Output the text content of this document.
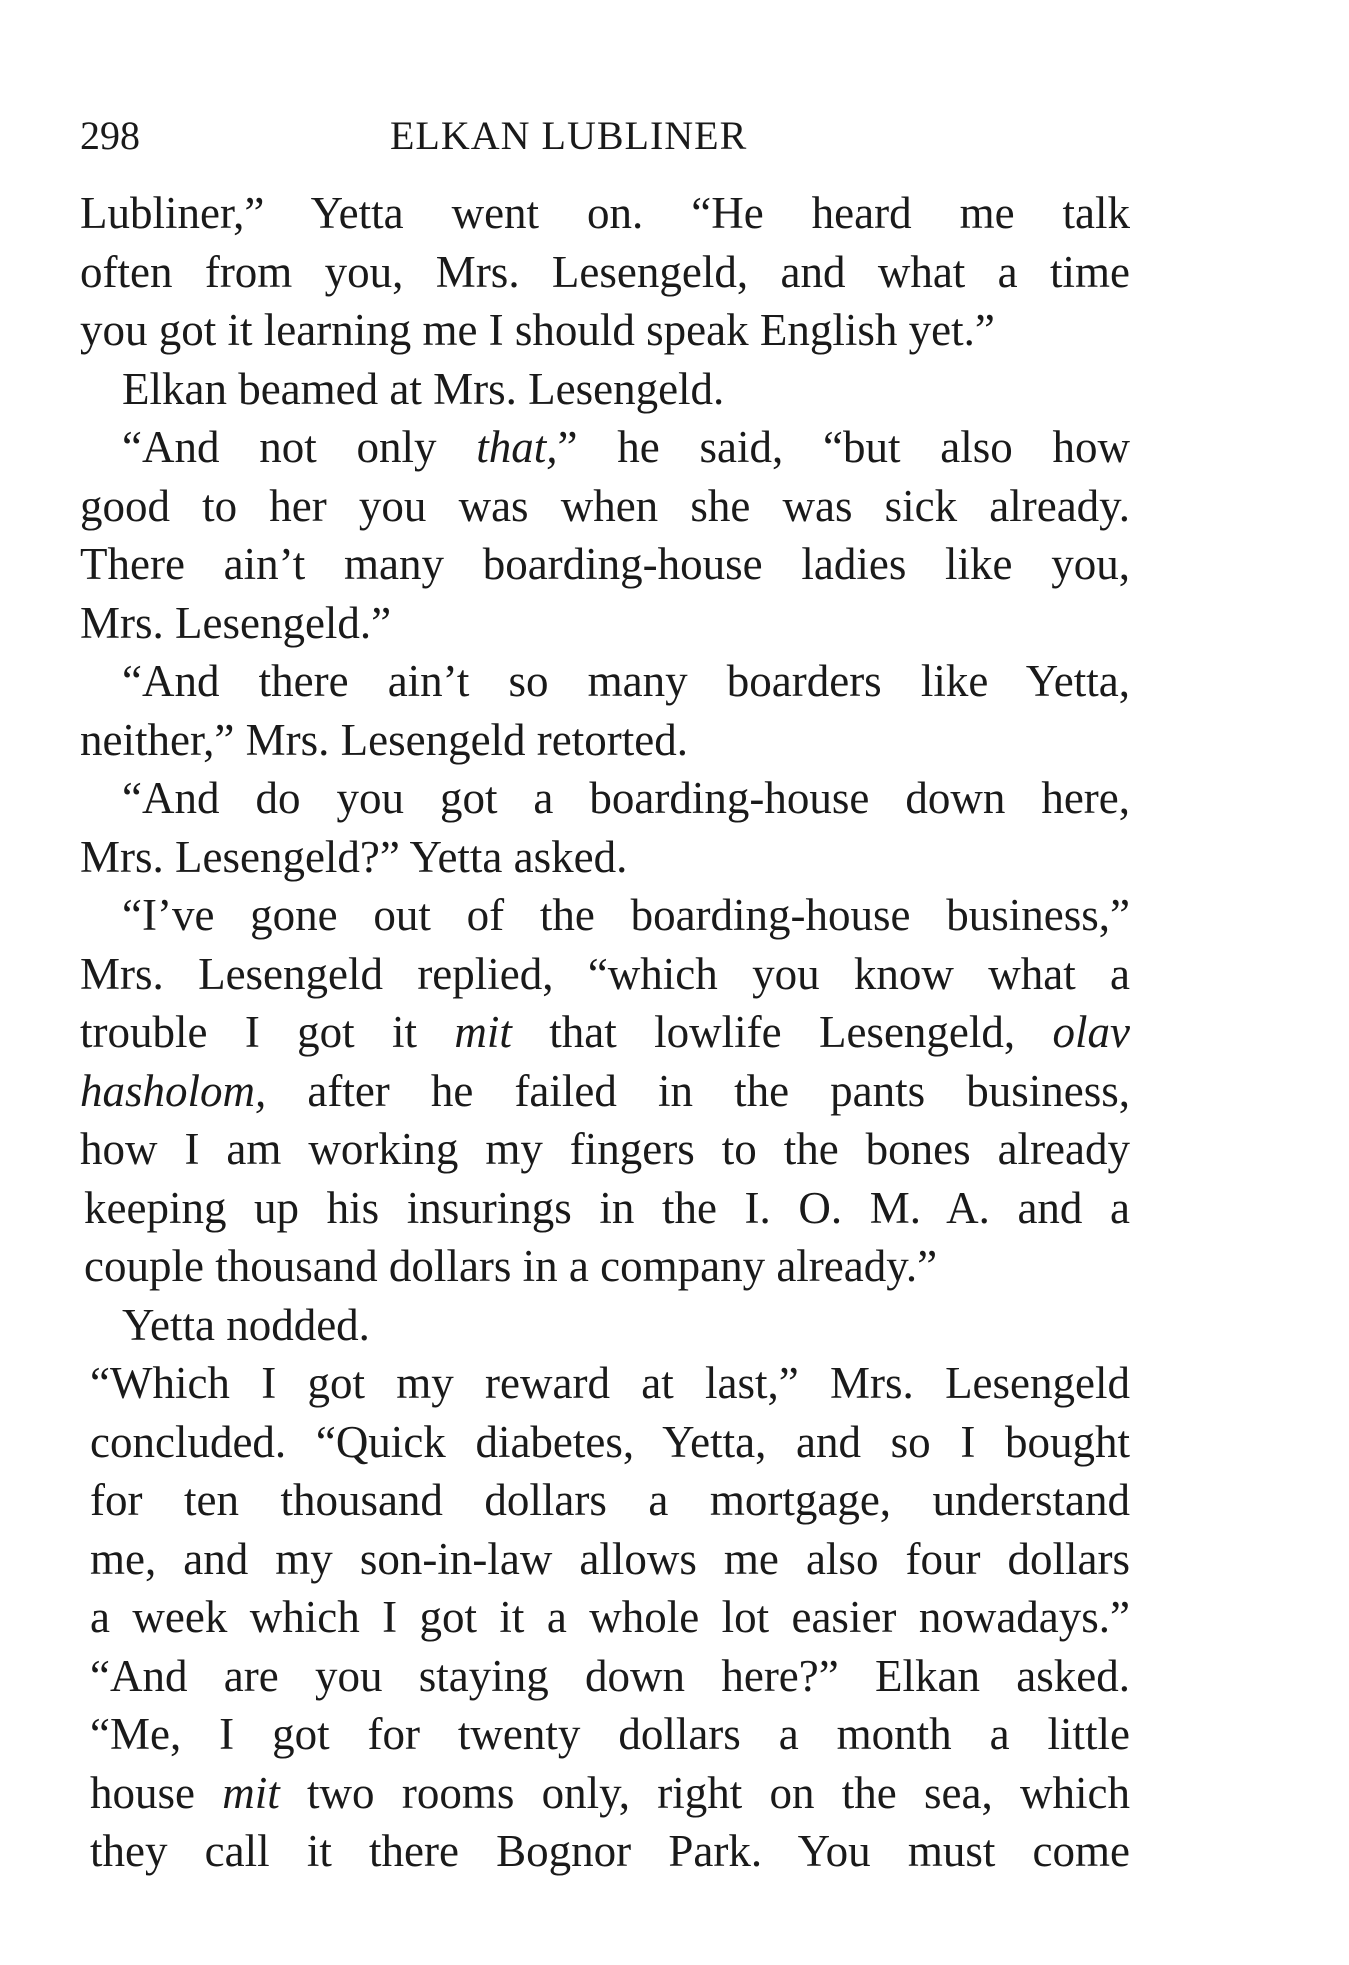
298	ELKAN LUBLINER
Lubliner,” Yetta went on. “He heard me talk
often from you, Mrs. Lesengeld, and what a time
you got it learning me I should speak English yet.”
Elkan beamed at Mrs. Lesengeld.
“And not only that,” he said, “but also how
good to her you was when she was sick already.
There ain’t many boarding-house ladies like you,
Mrs. Lesengeld.”
“And there ain’t so many boarders like Yetta,
neither,” Mrs. Lesengeld retorted.
“And do you got a boarding-house down here,
Mrs. Lesengeld?” Yetta asked.
“I’ve gone out of the boarding-house business,”
Mrs. Lesengeld replied, “which you know what a
trouble I got it mit that lowlife Lesengeld, olav
hasholom, after he failed in the pants business,
how I am working my fingers to the bones already
keeping up his insurings in the I. O. M. A. and a
couple thousand dollars in a company already.”
Yetta nodded.
“Which I got my reward at last,” Mrs. Lesengeld
concluded. “Quick diabetes, Yetta, and so I bought
for ten thousand dollars a mortgage, understand
me, and my son-in-law allows me also four dollars
a week which I got it a whole lot easier nowadays.”
“And are you staying down here?” Elkan asked.
“Me, I got for twenty dollars a month a little
house mit two rooms only, right on the sea, which
they call it there Bognor Park. You must come
